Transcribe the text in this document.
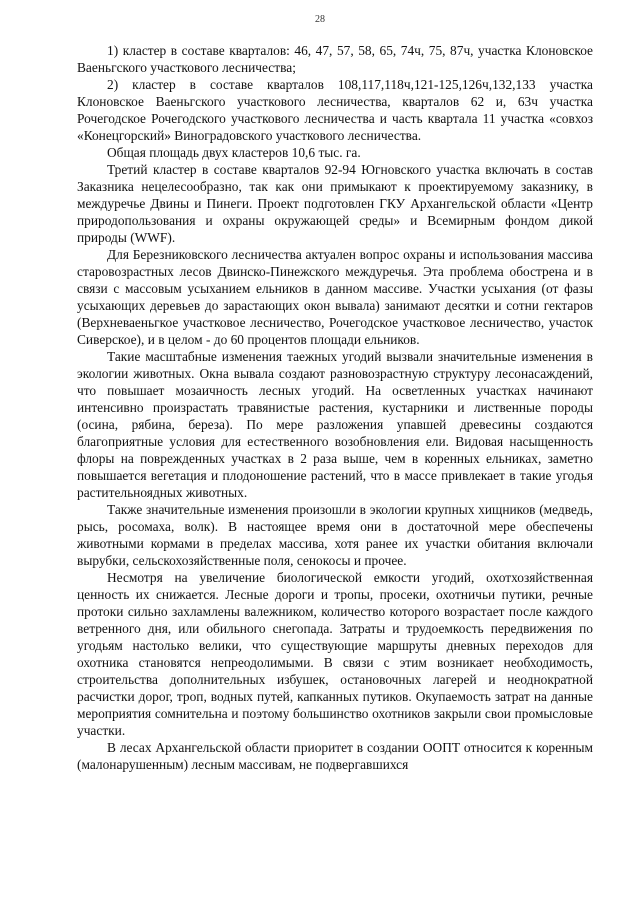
28

1) кластер в составе кварталов: 46, 47, 57, 58, 65, 74ч, 75, 87ч, участка Клоновское Ваеньгского участкового лесничества;

2) кластер в составе кварталов 108,117,118ч,121-125,126ч,132,133 участка Клоновское Ваеньгского участкового лесничества, кварталов 62 и, 63ч участка Рочегодское Рочегодского участкового лесничества и часть квартала 11 участка «совхоз «Конецгорский» Виноградовского участкового лесничества.

Общая площадь двух кластеров 10,6 тыс. га.

Третий кластер в составе кварталов 92-94 Югновского участка включать в состав Заказника нецелесообразно, так как они примыкают к проектируемому заказнику, в междуречье Двины и Пинеги. Проект подготовлен ГКУ Архангельской области «Центр природопользования и охраны окружающей среды» и Всемирным фондом дикой природы (WWF).

Для Березниковского лесничества актуален вопрос охраны и использования массива старовозрастных лесов Двинско-Пинежского междуречья. Эта проблема обострена и в связи с массовым усыханием ельников в данном массиве. Участки усыхания (от фазы усыхающих деревьев до зарастающих окон вывала) занимают десятки и сотни гектаров (Верхневаеньгкое участковое лесничество, Рочегодское участковое лесничество, участок Сиверское), и в целом - до 60 процентов площади ельников.

Такие масштабные изменения таежных угодий вызвали значительные изменения в экологии животных. Окна вывала создают разновозрастную структуру лесонасаждений, что повышает мозаичность лесных угодий. На осветленных участках начинают интенсивно произрастать травянистые растения, кустарники и лиственные породы (осина, рябина, береза). По мере разложения упавшей древесины создаются благоприятные условия для естественного возобновления ели. Видовая насыщенность флоры на поврежденных участках в 2 раза выше, чем в коренных ельниках, заметно повышается вегетация и плодоношение растений, что в массе привлекает в такие угодья растительноядных животных.

Также значительные изменения произошли в экологии крупных хищников (медведь, рысь, росомаха, волк). В настоящее время они в достаточной мере обеспечены животными кормами в пределах массива, хотя ранее их участки обитания включали вырубки, сельскохозяйственные поля, сенокосы и прочее.

Несмотря на увеличение биологической емкости угодий, охотхозяйственная ценность их снижается. Лесные дороги и тропы, просеки, охотничьи путики, речные протоки сильно захламлены валежником, количество которого возрастает после каждого ветренного дня, или обильного снегопада. Затраты и трудоемкость передвижения по угодьям настолько велики, что существующие маршруты дневных переходов для охотника становятся непреодолимыми. В связи с этим возникает необходимость, строительства дополнительных избушек, остановочных лагерей и неоднократной расчистки дорог, троп, водных путей, капканных путиков. Окупаемость затрат на данные мероприятия сомнительна и поэтому большинство охотников закрыли свои промысловые участки.

В лесах Архангельской области приоритет в создании ООПТ относится к коренным (малонарушенным) лесным массивам, не подвергавшихся
